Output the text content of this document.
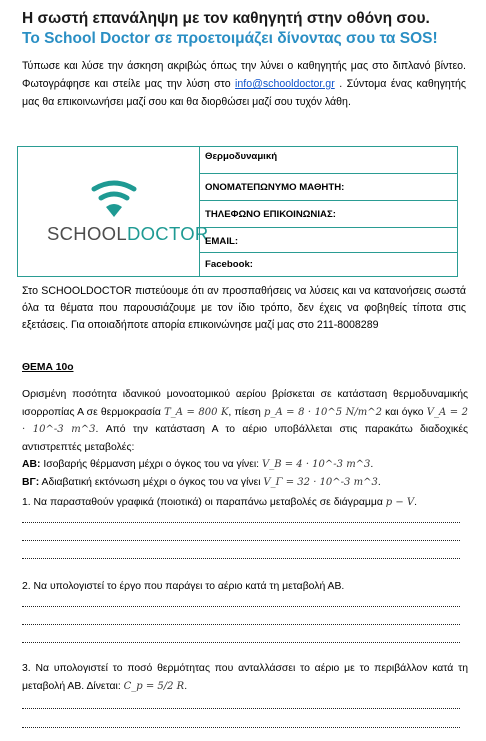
Η σωστή επανάληψη με τον καθηγητή στην οθόνη σου.
Το School Doctor σε προετοιμάζει δίνοντας σου τα SOS!
Τύπωσε και λύσε την άσκηση ακριβώς όπως την λύνει ο καθηγητής μας στο διπλανό βίντεο. Φωτογράφησε και στείλε μας την λύση στο info@schooldoctor.gr . Σύντομα ένας καθηγητής μας θα επικοινωνήσει μαζί σου και θα διορθώσει μαζί σου τυχόν λάθη.
SCHOOLDOCTOR
Θερμοδυναμική
ΟΝΟΜΑΤΕΠΩΝΥΜΟ ΜΑΘΗΤΗ:
ΤΗΛΕΦΩΝΟ ΕΠΙΚΟΙΝΩΝΙΑΣ:
EMAIL:
Facebook:
Στο SCHOOLDOCTOR πιστεύουμε ότι αν προσπαθήσεις να λύσεις και να κατανοήσεις σωστά όλα τα θέματα που παρουσιάζουμε με τον ίδιο τρόπο, δεν έχεις να φοβηθείς τίποτα στις εξετάσεις. Για οποιαδήποτε απορία επικοινώνησε μαζί μας στο 211-8008289
ΘΕΜΑ 10ο
Ορισμένη ποσότητα ιδανικού μονοατομικού αερίου βρίσκεται σε κατάσταση θερμοδυναμικής ισορροπίας Α σε θερμοκρασία T_A = 800 K, πίεση p_A = 8 · 10^5 N/m^2 και όγκο V_A = 2 · 10^-3 m^3. Από την κατάσταση Α το αέριο υποβάλλεται στις παρακάτω διαδοχικές αντιστρεπτές μεταβολές:
ΑΒ: Ισοβαρής θέρμανση μέχρι ο όγκος του να γίνει: V_B = 4 · 10^-3 m^3.
ΒΓ: Αδιαβατική εκτόνωση μέχρι ο όγκος του να γίνει V_Γ = 32 · 10^-3 m^3.
1. Να παρασταθούν γραφικά (ποιοτικά) οι παραπάνω μεταβολές σε διάγραμμα p − V.
2. Να υπολογιστεί το έργο που παράγει το αέριο κατά τη μεταβολή ΑΒ.
3. Να υπολογιστεί το ποσό θερμότητας που ανταλλάσσει το αέριο με το περιβάλλον κατά τη μεταβολή ΑΒ. Δίνεται: C_p = 5/2 R.
